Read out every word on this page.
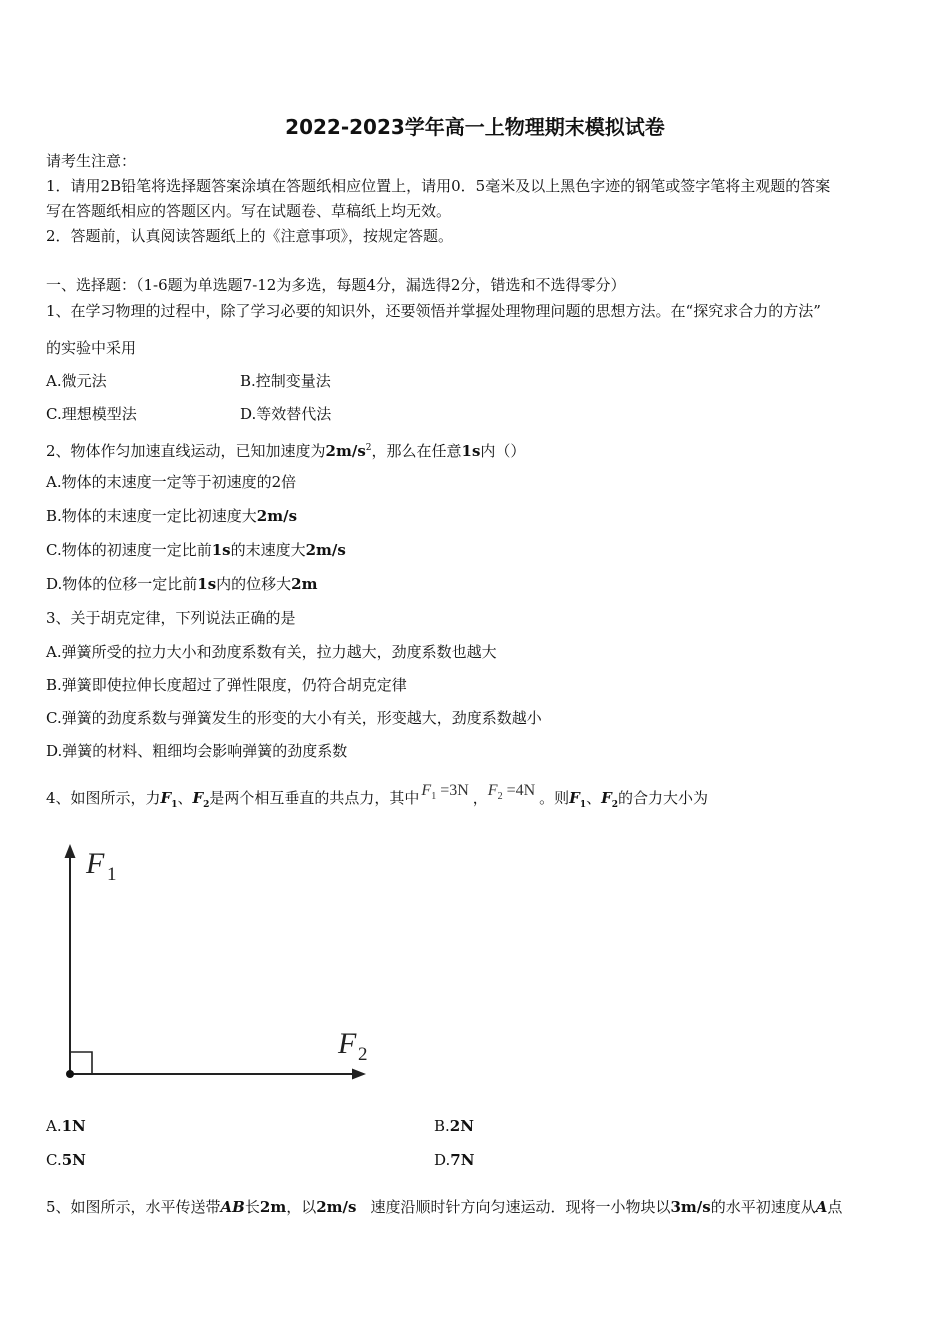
2022-2023学年高一上物理期末模拟试卷
请考生注意：
1．请用2B铅笔将选择题答案涂填在答题纸相应位置上，请用0．5毫米及以上黑色字迹的钢笔或签字笔将主观题的答案
写在答题纸相应的答题区内。写在试题卷、草稿纸上均无效。
2．答题前，认真阅读答题纸上的《注意事项》，按规定答题。
一、选择题：（1-6题为单选题7-12为多选，每题4分，漏选得2分，错选和不选得零分）
1、在学习物理的过程中，除了学习必要的知识外，还要领悟并掌握处理物理问题的思想方法。在“探究求合力的方法”
的实验中采用
A.微元法	B.控制变量法
C.理想模型法	D.等效替代法
2、物体作匀加速直线运动，已知加速度为$2m/s^2$，那么在任意1s内（）
A.物体的末速度一定等于初速度的2倍
B.物体的末速度一定比初速度大2m/s
C.物体的初速度一定比前1s的末速度大2m/s
D.物体的位移一定比前1s内的位移大2m
3、关于胡克定律，下列说法正确的是
A.弹簧所受的拉力大小和劲度系数有关，拉力越大，劲度系数也越大
B.弹簧即使拉伸长度超过了弹性限度，仍符合胡克定律
C.弹簧的劲度系数与弹簧发生的形变的大小有关，形变越大，劲度系数越小
D.弹簧的材料、粗细均会影响弹簧的劲度系数
4、如图所示，力$F_1$、$F_2$是两个相互垂直的共点力，其中 $F_1 =3N$ ，$F_2 =4N$ 。则$F_1$、$F_2$的合力大小为
F 1
F 2
A.1N	B.2N
C.5N	D.7N
5、如图所示，水平传送带AB长2m，以2m/s 速度沿顺时针方向匀速运动．现将一小物块以3m/s的水平初速度从A点
